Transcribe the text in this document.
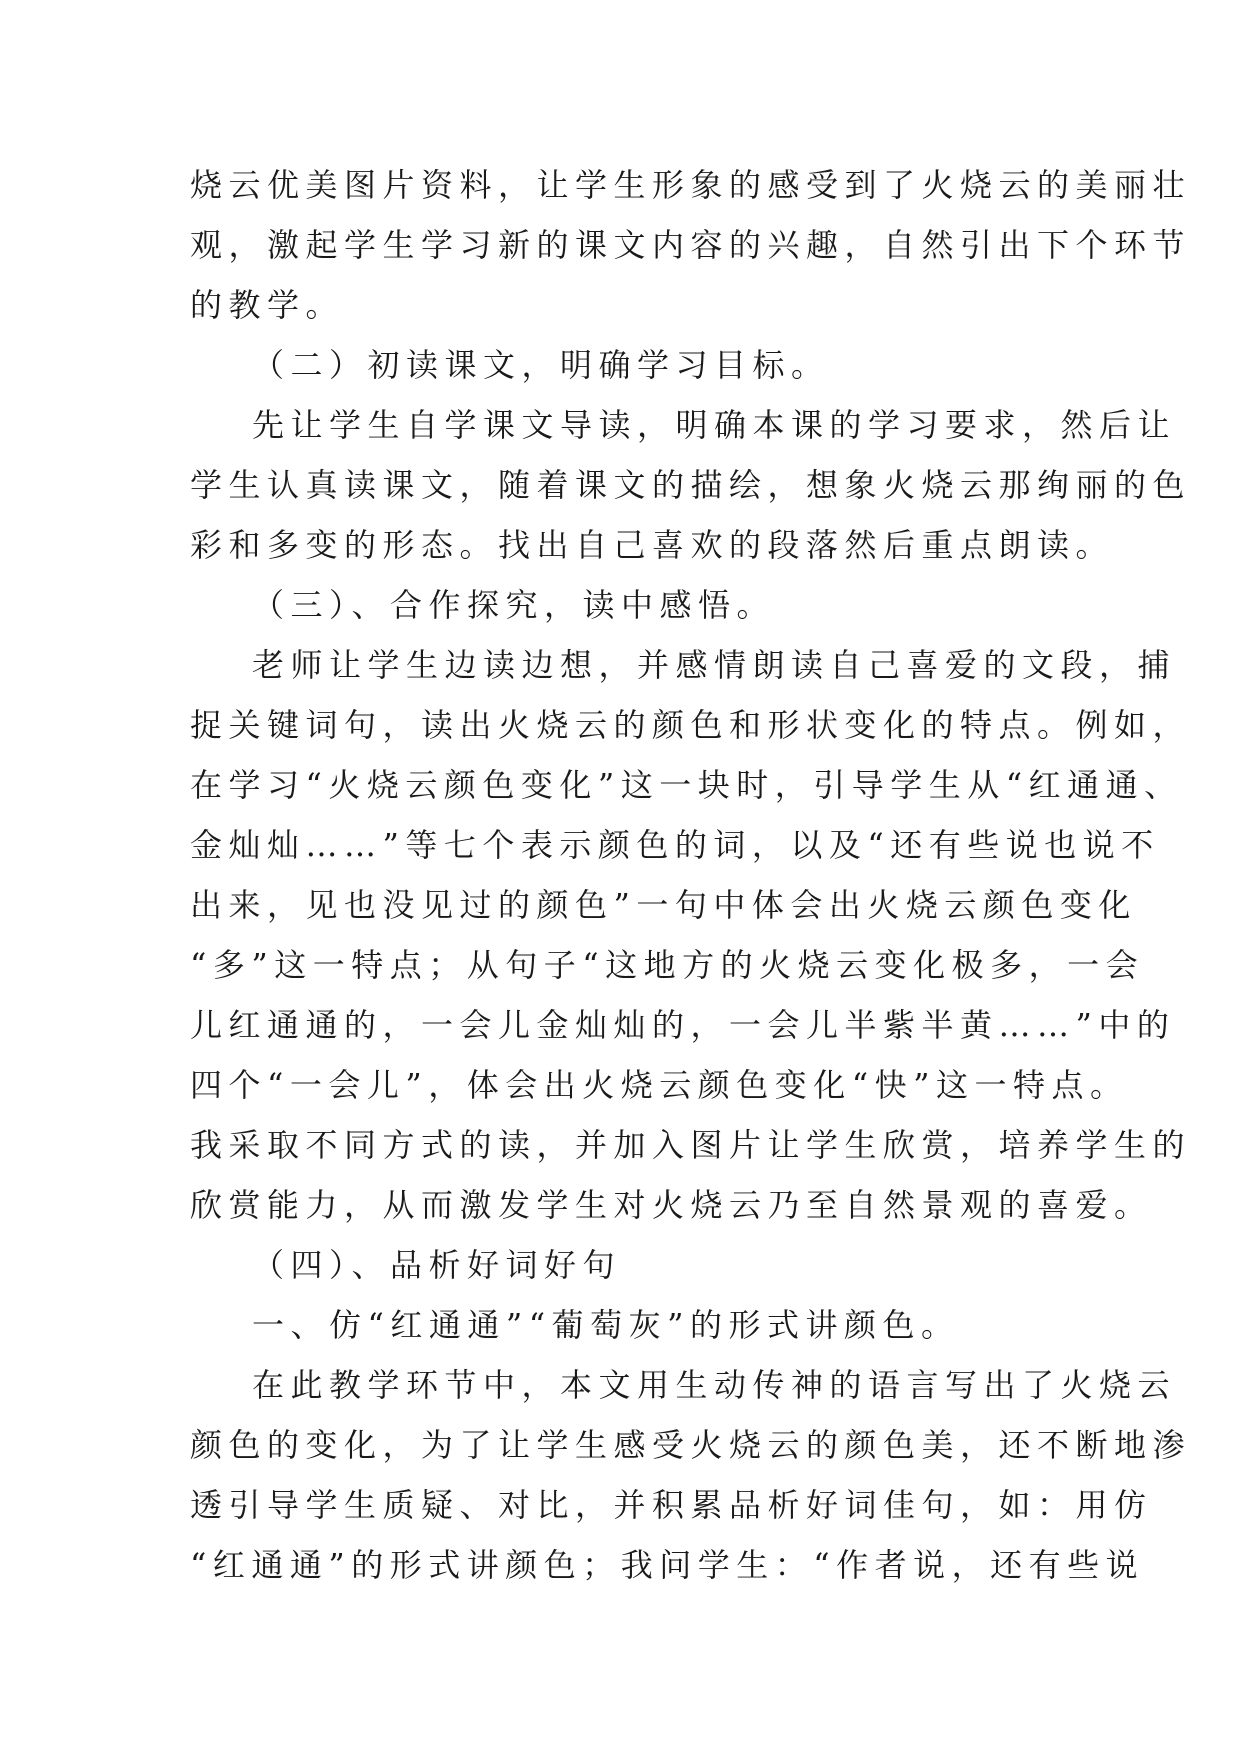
烧云优美图片资料，让学生形象的感受到了火烧云的美丽壮
观，激起学生学习新的课文内容的兴趣，自然引出下个环节
的教学。
（二）初读课文，明确学习目标。
先让学生自学课文导读，明确本课的学习要求，然后让
学生认真读课文，随着课文的描绘，想象火烧云那绚丽的色
彩和多变的形态。找出自己喜欢的段落然后重点朗读。
（三）、合作探究，读中感悟。
老师让学生边读边想，并感情朗读自己喜爱的文段，捕
捉关键词句，读出火烧云的颜色和形状变化的特点。例如，
在学习“火烧云颜色变化”这一块时，引导学生从“红通通、
金灿灿……”等七个表示颜色的词，以及“还有些说也说不
出来，见也没见过的颜色”一句中体会出火烧云颜色变化
“多”这一特点；从句子“这地方的火烧云变化极多，一会
儿红通通的，一会儿金灿灿的，一会儿半紫半黄……”中的
四个“一会儿”，体会出火烧云颜色变化“快”这一特点。
我采取不同方式的读，并加入图片让学生欣赏，培养学生的
欣赏能力，从而激发学生对火烧云乃至自然景观的喜爱。
（四）、品析好词好句
一、仿“红通通”“葡萄灰”的形式讲颜色。
在此教学环节中，本文用生动传神的语言写出了火烧云
颜色的变化，为了让学生感受火烧云的颜色美，还不断地渗
透引导学生质疑、对比，并积累品析好词佳句，如：用仿
“红通通”的形式讲颜色；我问学生：“作者说，还有些说
